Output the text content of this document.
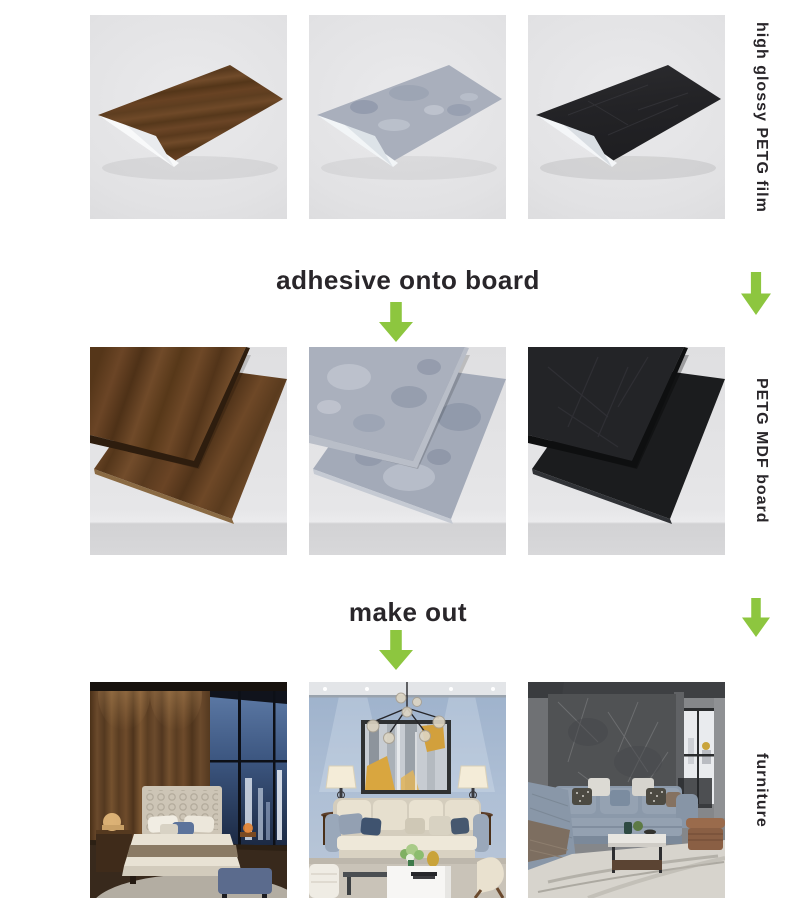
high glossy PETG film
adhesive onto board
PETG MDF board
make out
furniture
